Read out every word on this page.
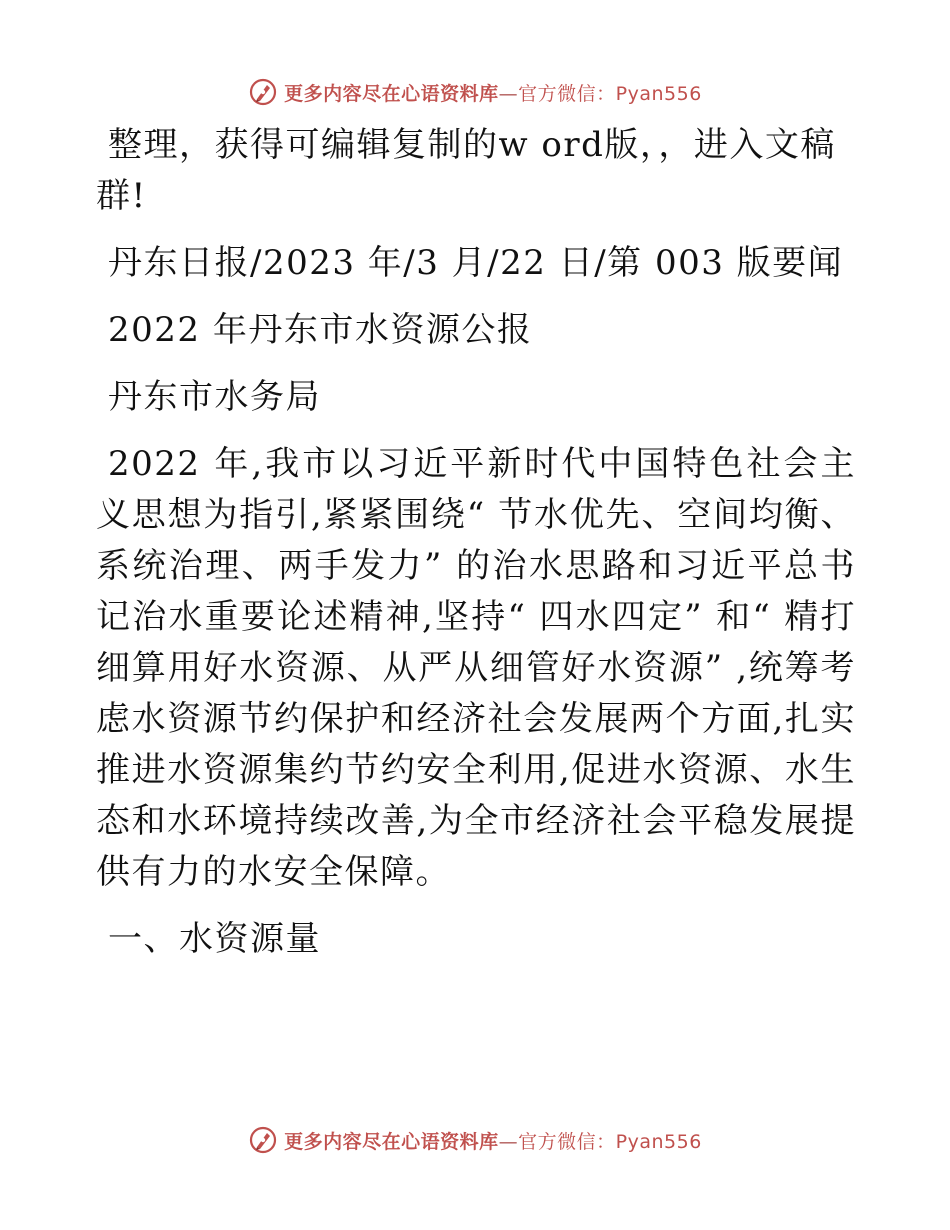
更多内容尽在心语资料库—官方微信：Pyan556

整理，获得可编辑复制的w ord版，，进入文稿群!

丹东日报/2023 年/3 月/22 日/第 003 版要闻

2022 年丹东市水资源公报

丹东市水务局

2022 年,我市以习近平新时代中国特色社会主义思想为指引,紧紧围绕“ 节水优先、空间均衡、系统治理、两手发力” 的治水思路和习近平总书记治水重要论述精神,坚持“ 四水四定” 和“ 精打细算用好水资源、从严从细管好水资源” ,统筹考虑水资源节约保护和经济社会发展两个方面,扎实推进水资源集约节约安全利用,促进水资源、水生态和水环境持续改善,为全市经济社会平稳发展提供有力的水安全保障。

一、水资源量

更多内容尽在心语资料库—官方微信：Pyan556
